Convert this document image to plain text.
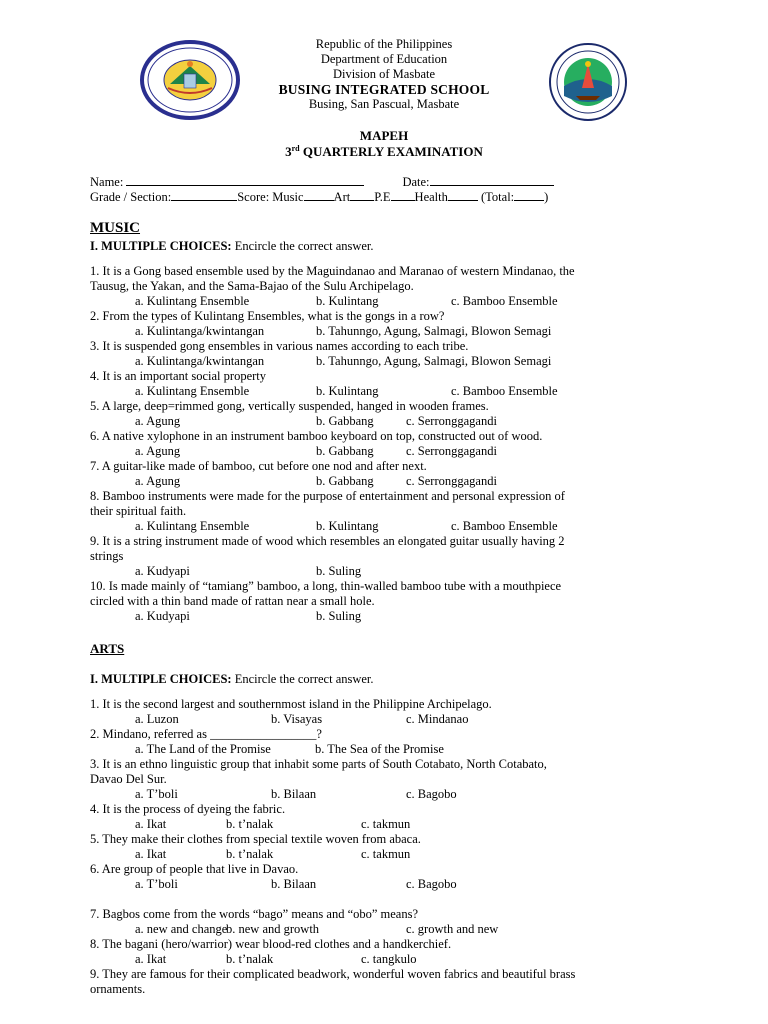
Republic of the Philippines
Department of Education
Division of Masbate
BUSING INTEGRATED SCHOOL
Busing, San Pascual, Masbate
MAPEH
3rd QUARTERLY EXAMINATION
Name:	Date:
Grade / Section:	Score: Music Art P.E Health (Total: )
MUSIC
I. MULTIPLE CHOICES: Encircle the correct answer.
ARTS
I. MULTIPLE CHOICES: Encircle the correct answer.
1. It is a Gong based ensemble used by the Maguindanao and Maranao of western Mindanao, the
Tausug, the Yakan, and the Sama-Bajao of the Sulu Archipelago.
a. Kulintang Ensemble	b. Kulintang	c. Bamboo Ensemble
2. From the types of Kulintang Ensembles, what is the gongs in a row?
a. Kulintanga/kwintangan	b. Tahunngo, Agung, Salmagi, Blowon Semagi
3. It is suspended gong ensembles in various names according to each tribe.
a. Kulintanga/kwintangan	b. Tahunngo, Agung, Salmagi, Blowon Semagi
4. It is an important social property
a. Kulintang Ensemble	b. Kulintang	c. Bamboo Ensemble
5. A large, deep=rimmed gong, vertically suspended, hanged in wooden frames.
a. Agung	b. Gabbang	c. Serronggagandi
6. A native xylophone in an instrument bamboo keyboard on top, constructed out of wood.
a. Agung	b. Gabbang	c. Serronggagandi
7. A guitar-like made of bamboo, cut before one nod and after next.
a. Agung	b. Gabbang	c. Serronggagandi
8. Bamboo instruments were made for the purpose of entertainment and personal expression of
their spiritual faith.
a. Kulintang Ensemble	b. Kulintang	c. Bamboo Ensemble
9. It is a string instrument made of wood which resembles an elongated guitar usually having 2
strings
a. Kudyapi	b. Suling
10. Is made mainly of “tamiang” bamboo, a long, thin-walled bamboo tube with a mouthpiece
circled with a thin band made of rattan near a small hole.
a. Kudyapi	b. Suling
1. It is the second largest and southernmost island in the Philippine Archipelago.
a. Luzon	b. Visayas	c. Mindanao
2. Mindano, referred as _________________?
a. The Land of the Promise	b. The Sea of the Promise
3. It is an ethno linguistic group that inhabit some parts of South Cotabato, North Cotabato,
Davao Del Sur.
a. T’boli	b. Bilaan	c. Bagobo
4. It is the process of dyeing the fabric.
a. Ikat	b. t’nalak	c. takmun
5. They make their clothes from special textile woven from abaca.
a. Ikat	b. t’nalak	c. takmun
6. Are group of people that live in Davao.
a. T’boli	b. Bilaan	c. Bagobo
7. Bagbos come from the words “bago” means and “obo” means?
a. new and change
b. new and growth	c. growth and new
8. The bagani (hero/warrior) wear blood-red clothes and a handkerchief.
a. Ikat	b. t’nalak	c. tangkulo
9. They are famous for their complicated beadwork, wonderful woven fabrics and beautiful brass
ornaments.
